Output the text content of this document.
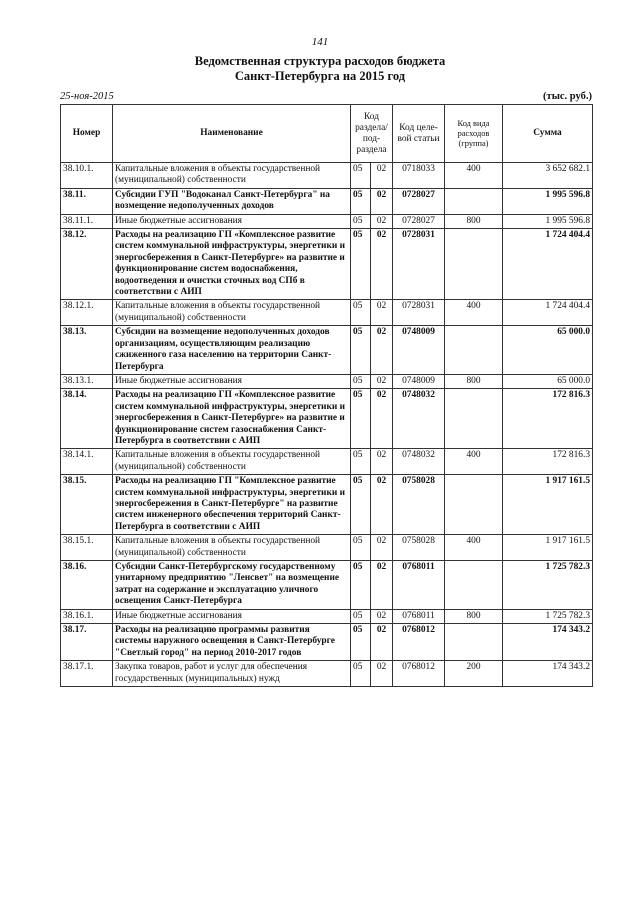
141
Ведомственная структура расходов бюджета
Санкт-Петербурга на 2015 год
25-ноя-2015	(тыс. руб.)
Номер	Наименование	Код раздела/ под- раздела		Код целе- вой статьи	Код вида расходов (группа)	Сумма
38.10.1.	Капитальные вложения в объекты государственной (муниципальной) собственности	05	02	0718033	400	3 652 682.1
38.11.	Субсидии ГУП "Водоканал Санкт-Петербурга" на возмещение недополученных доходов	05	02	0728027		1 995 596.8
38.11.1.	Иные бюджетные ассигнования	05	02	0728027	800	1 995 596.8
38.12.	Расходы на реализацию ГП «Комплексное развитие систем коммунальной инфраструктуры, энергетики и энергосбережения в Санкт-Петербурге» на развитие и функционирование систем водоснабжения, водоотведения и очистки сточных вод СПб в соответствии с АИП	05	02	0728031		1 724 404.4
38.12.1.	Капитальные вложения в объекты государственной (муниципальной) собственности	05	02	0728031	400	1 724 404.4
38.13.	Субсидии на возмещение недополученных доходов организациям, осуществляющим реализацию сжиженного газа населению на территории Санкт-Петербурга	05	02	0748009		65 000.0
38.13.1.	Иные бюджетные ассигнования	05	02	0748009	800	65 000.0
38.14.	Расходы на реализацию ГП «Комплексное развитие систем коммунальной инфраструктуры, энергетики и энергосбережения в Санкт-Петербурге» на развитие и функционирование систем газоснабжения Санкт-Петербурга в соответствии с АИП	05	02	0748032		172 816.3
38.14.1.	Капитальные вложения в объекты государственной (муниципальной) собственности	05	02	0748032	400	172 816.3
38.15.	Расходы на реализацию ГП "Комплексное развитие систем коммунальной инфраструктуры, энергетики и энергосбережения в Санкт-Петербурге" на развитие систем инженерного обеспечения территорий Санкт-Петербурга в соответствии с АИП	05	02	0758028		1 917 161.5
38.15.1.	Капитальные вложения в объекты государственной (муниципальной) собственности	05	02	0758028	400	1 917 161.5
38.16.	Субсидии Санкт-Петербургскому государственному унитарному предприятию "Ленсвет" на возмещение затрат на содержание и эксплуатацию уличного освещения Санкт-Петербурга	05	02	0768011		1 725 782.3
38.16.1.	Иные бюджетные ассигнования	05	02	0768011	800	1 725 782.3
38.17.	Расходы на реализацию программы развития системы наружного освещения в Санкт-Петербурге "Светлый город" на период 2010-2017 годов	05	02	0768012		174 343.2
38.17.1.	Закупка товаров, работ и услуг для обеспечения государственных (муниципальных) нужд	05	02	0768012	200	174 343.2
